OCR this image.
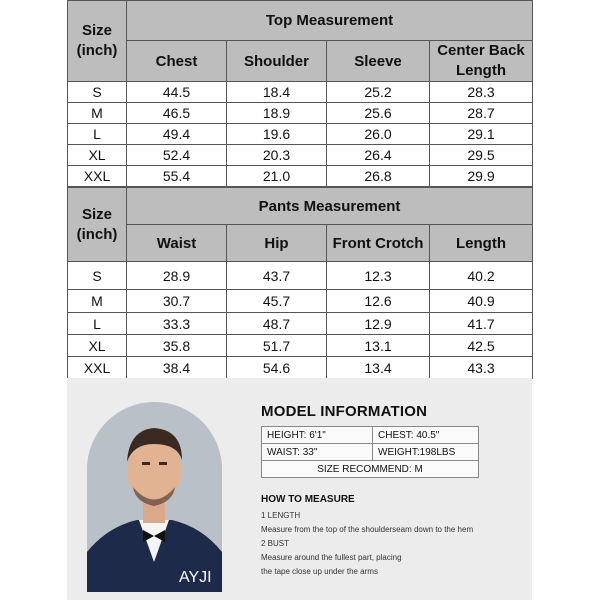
Size
(inch)	Top Measurement			
	Chest	Shoulder	Sleeve	Center Back
Length
S	44.5	18.4	25.2	28.3
M	46.5	18.9	25.6	28.7
L	49.4	19.6	26.0	29.1
XL	52.4	20.3	26.4	29.5
XXL	55.4	21.0	26.8	29.9
Size
(inch)	Pants Measurement			
	Waist	Hip	Front Crotch	Length
S	28.9	43.7	12.3	40.2
M	30.7	45.7	12.6	40.9
L	33.3	48.7	12.9	41.7
XL	35.8	51.7	13.1	42.5
XXL	38.4	54.6	13.4	43.3
AYJI
MODEL INFORMATION
HEIGHT: 6'1"	CHEST: 40.5"
WAIST: 33"	WEIGHT:198LBS
SIZE RECOMMEND: M	
HOW TO MEASURE
1 LENGTH
Measure from the top of the shoulderseam down to the hem
2 BUST
Measure around the fullest part, placing
the tape close up under the arms
